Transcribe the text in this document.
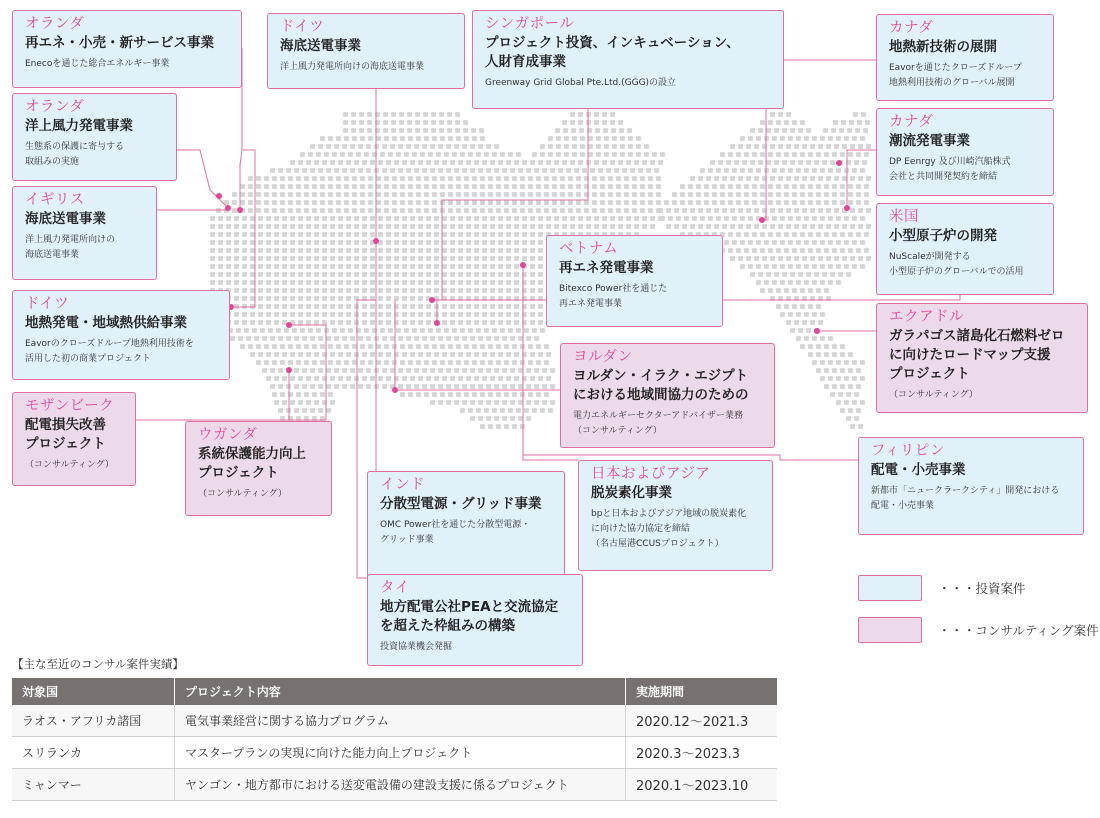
オランダ
再エネ・小売・新サービス事業
Enecoを通じた総合エネルギー事業
ドイツ
海底送電事業
洋上風力発電所向けの海底送電事業
シンガポール
プロジェクト投資、インキュベーション、
人財育成事業
Greenway Grid Global Pte.Ltd.(GGG)の設立
カナダ
地熱新技術の展開
Eavorを通じたクローズドループ
地熱利用技術のグローバル展開
オランダ
洋上風力発電事業
生態系の保護に寄与する
取組みの実施
カナダ
潮流発電事業
DP Eenrgy 及び川崎汽船株式
会社と共同開発契約を締結
イギリス
海底送電事業
洋上風力発電所向けの
海底送電事業
米国
小型原子炉の開発
NuScaleが開発する
小型原子炉のグローバルでの活用
ベトナム
再エネ発電事業
Bitexco Power社を通じた
再エネ発電事業
ドイツ
地熱発電・地域熱供給事業
Eavorのクローズドループ地熱利用技術を
活用した初の商業プロジェクト
エクアドル
ガラパゴス諸島化石燃料ゼロ
に向けたロードマップ支援
プロジェクト
（コンサルティング）
ヨルダン
ヨルダン・イラク・エジプト
における地域間協力のための
電力エネルギーセクターアドバイザー業務
（コンサルティング）
モザンビーク
配電損失改善
プロジェクト
（コンサルティング）
ウガンダ
系統保護能力向上
プロジェクト
（コンサルティング）
フィリピン
配電・小売事業
新都市「ニュークラークシティ」開発における
配電・小売事業
日本およびアジア
脱炭素化事業
bpと日本およびアジア地域の脱炭素化
に向けた協力協定を締結
（名古屋港CCUSプロジェクト）
インド
分散型電源・グリッド事業
OMC Power社を通じた分散型電源・
グリッド事業
タイ
地方配電公社PEAと交流協定
を超えた枠組みの構築
投資協業機会発掘
・・・投資案件
・・・コンサルティング案件
【主な至近のコンサル案件実績】
対象国	プロジェクト内容	実施期間
ラオス・アフリカ諸国	電気事業経営に関する協力プログラム	2020.12～2021.3
スリランカ	マスタープランの実現に向けた能力向上プロジェクト	2020.3～2023.3
ミャンマー	ヤンゴン・地方都市における送変電設備の建設支援に係るプロジェクト	2020.1～2023.10
